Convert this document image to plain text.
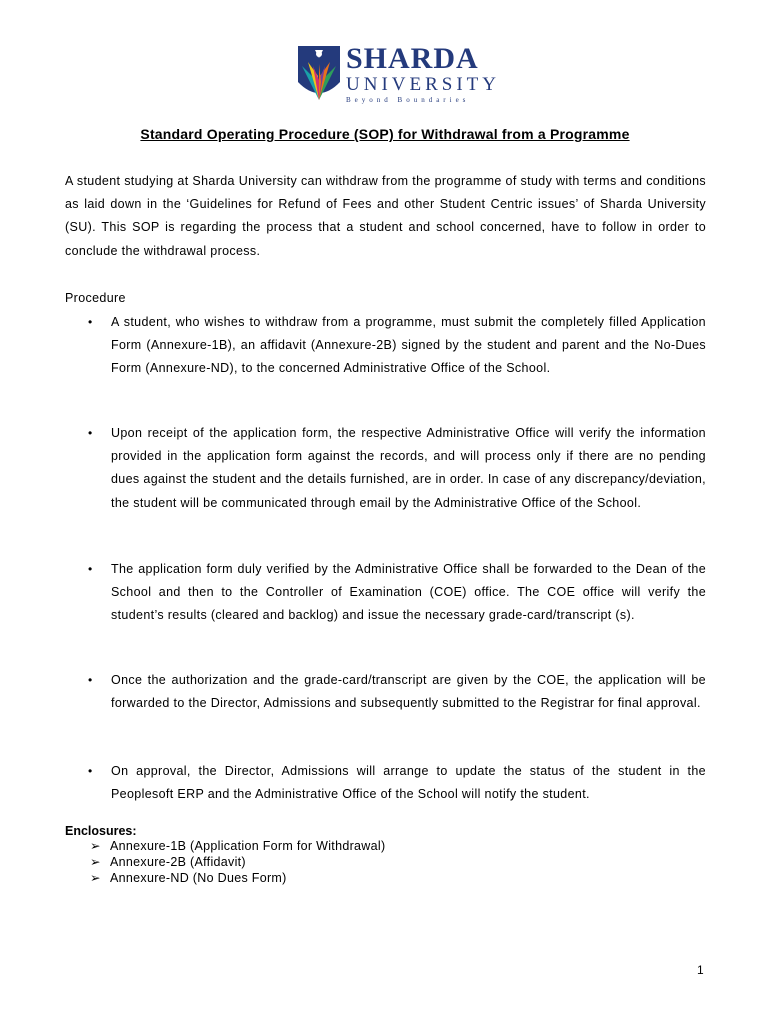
SHARDA
UNIVERSITY
Beyond Boundaries
Standard Operating Procedure (SOP) for Withdrawal from a Programme
A student studying at Sharda University can withdraw from the programme of study with terms and conditions as laid down in the ‘Guidelines for Refund of Fees and other Student Centric issues’ of Sharda University (SU). This SOP is regarding the process that a student and school concerned, have to follow in order to conclude the withdrawal process.
Procedure
• A student, who wishes to withdraw from a programme, must submit the completely filled Application Form (Annexure-1B), an affidavit (Annexure-2B) signed by the student and parent and the No-Dues Form (Annexure-ND), to the concerned Administrative Office of the School.
• Upon receipt of the application form, the respective Administrative Office will verify the information provided in the application form against the records, and will process only if there are no pending dues against the student and the details furnished, are in order. In case of any discrepancy/deviation, the student will be communicated through email by the Administrative Office of the School.
• The application form duly verified by the Administrative Office shall be forwarded to the Dean of the School and then to the Controller of Examination (COE) office. The COE office will verify the student’s results (cleared and backlog) and issue the necessary grade-card/transcript (s).
• Once the authorization and the grade-card/transcript are given by the COE, the application will be forwarded to the Director, Admissions and subsequently submitted to the Registrar for final approval.
• On approval, the Director, Admissions will arrange to update the status of the student in the Peoplesoft ERP and the Administrative Office of the School will notify the student.
Enclosures:
➢ Annexure-1B (Application Form for Withdrawal)
➢ Annexure-2B (Affidavit)
➢ Annexure-ND (No Dues Form)
1
